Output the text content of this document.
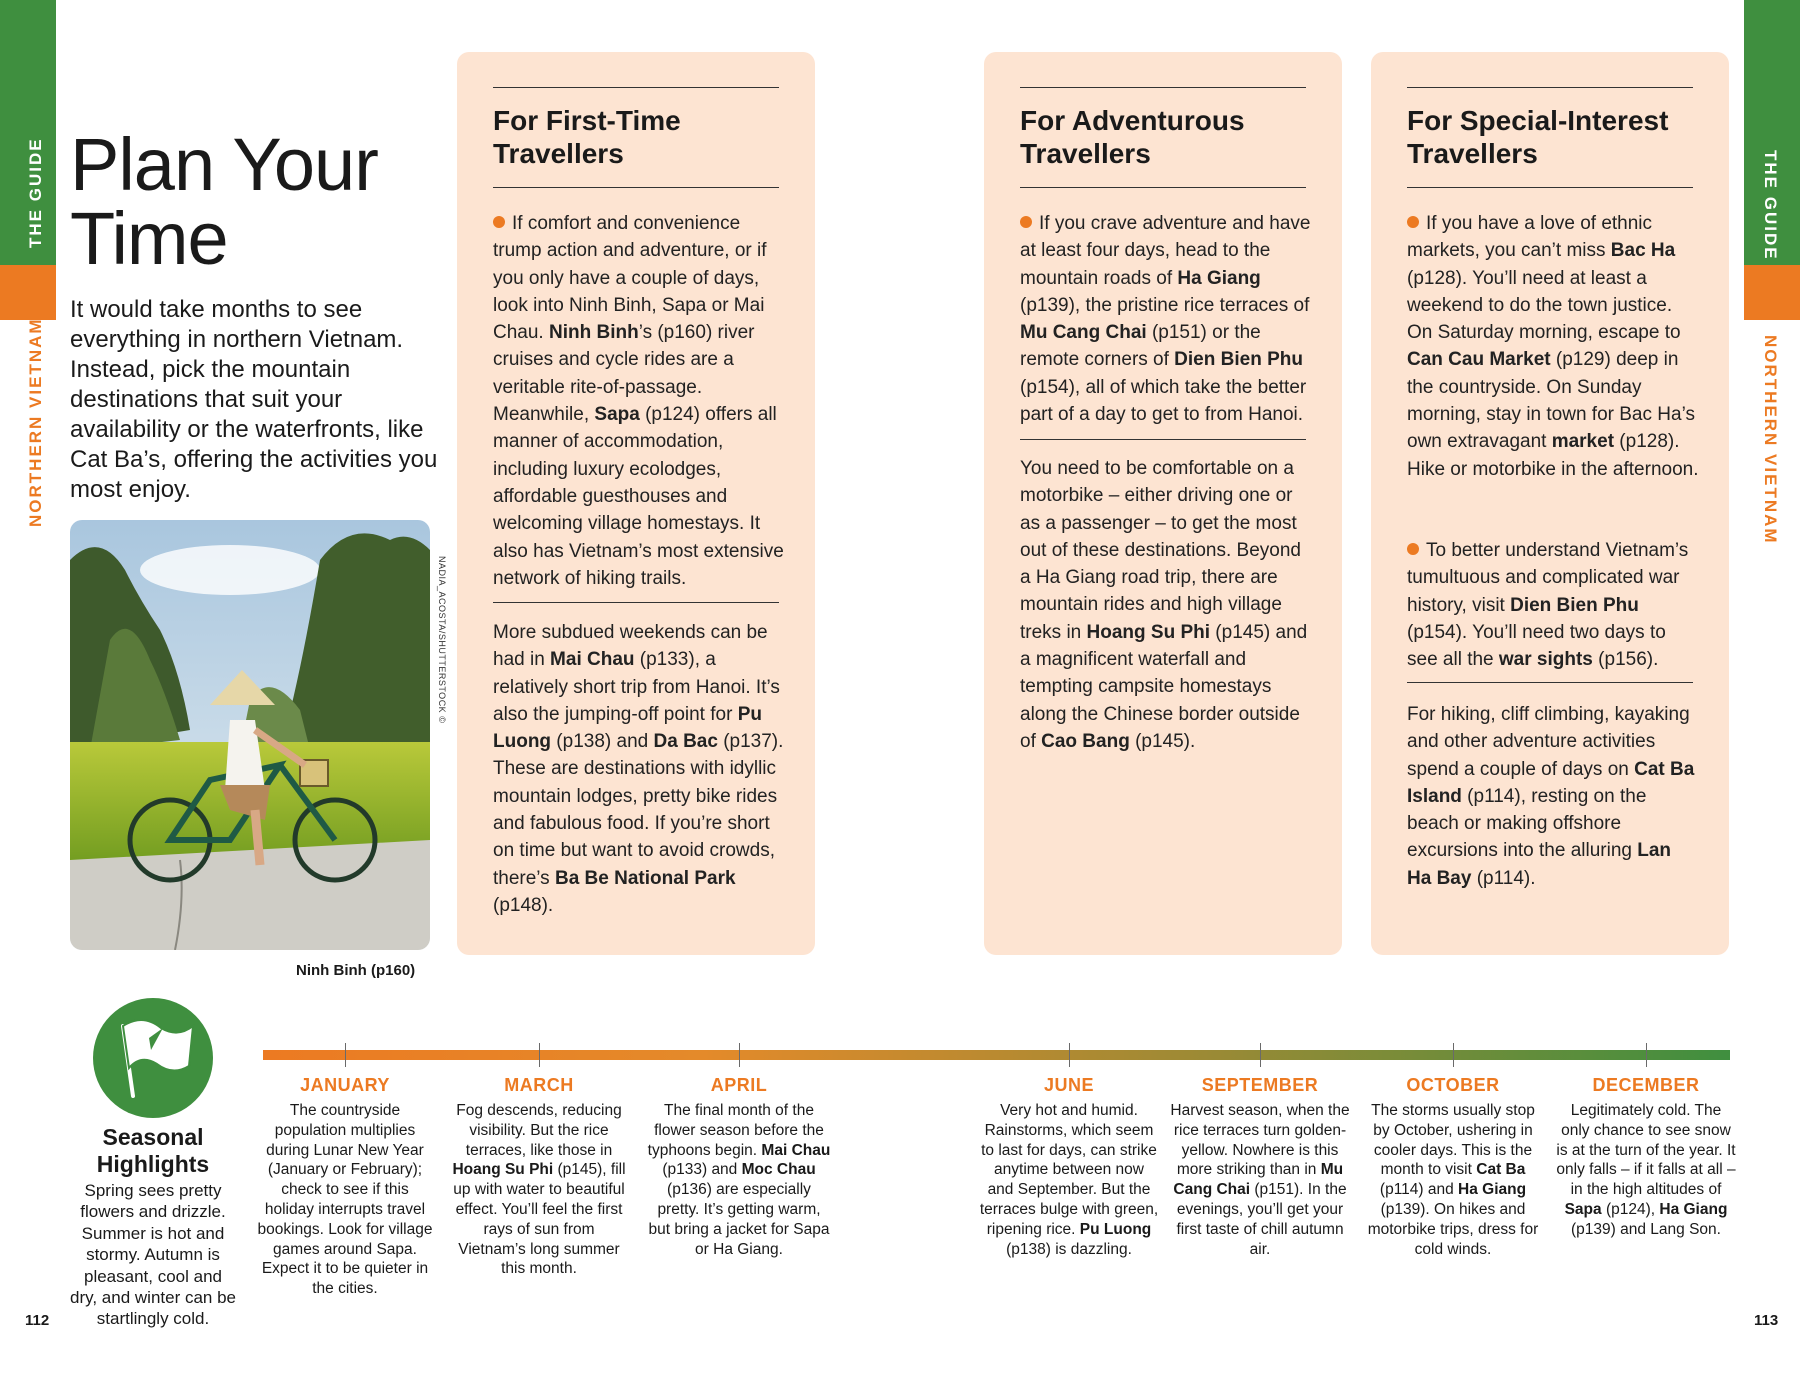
THE GUIDE
NORTHERN VIETNAM
THE GUIDE
NORTHERN VIETNAM
Plan Your Time
It would take months to see everything in northern Vietnam. Instead, pick the mountain destinations that suit your availability or the waterfronts, like Cat Ba’s, offering the activities you most enjoy.
NADIA_ACOSTA/SHUTTERSTOCK ©
Ninh Binh (p160)
For First-Time Travellers

If comfort and convenience trump action and adventure, or if you only have a couple of days, look into Ninh Binh, Sapa or Mai Chau. Ninh Binh’s (p160) river cruises and cycle rides are a veritable rite-of-passage. Meanwhile, Sapa (p124) offers all manner of accommodation, including luxury ecolodges, affordable guesthouses and welcoming village homestays. It also has Vietnam’s most extensive network of hiking trails.

More subdued weekends can be had in Mai Chau (p133), a relatively short trip from Hanoi. It’s also the jumping-off point for Pu Luong (p138) and Da Bac (p137). These are destinations with idyllic mountain lodges, pretty bike rides and fabulous food. If you’re short on time but want to avoid crowds, there’s Ba Be National Park (p148).

For Adventurous Travellers

If you crave adventure and have at least four days, head to the mountain roads of Ha Giang (p139), the pristine rice terraces of Mu Cang Chai (p151) or the remote corners of Dien Bien Phu (p154), all of which take the better part of a day to get to from Hanoi.

You need to be comfortable on a motorbike – either driving one or as a passenger – to get the most out of these destinations. Beyond a Ha Giang road trip, there are mountain rides and high village treks in Hoang Su Phi (p145) and a magnificent waterfall and tempting campsite homestays along the Chinese border outside of Cao Bang (p145).

For Special-Interest Travellers

If you have a love of ethnic markets, you can’t miss Bac Ha (p128). You’ll need at least a weekend to do the town justice. On Saturday morning, escape to Can Cau Market (p129) deep in the countryside. On Sunday morning, stay in town for Bac Ha’s own extravagant market (p128). Hike or motorbike in the afternoon.

To better understand Vietnam’s tumultuous and complicated war history, visit Dien Bien Phu (p154). You’ll need two days to see all the war sights (p156).

For hiking, cliff climbing, kayaking and other adventure activities spend a couple of days on Cat Ba Island (p114), resting on the beach or making offshore excursions into the alluring Lan Ha Bay (p114).

Seasonal Highlights
Spring sees pretty flowers and drizzle. Summer is hot and stormy. Autumn is pleasant, cool and dry, and winter can be startlingly cold.
JANUARY
The countryside population multiplies during Lunar New Year (January or February); check to see if this holiday interrupts travel bookings. Look for village games around Sapa. Expect it to be quieter in the cities.
MARCH
Fog descends, reducing visibility. But the rice terraces, like those in Hoang Su Phi (p145), fill up with water to beautiful effect. You’ll feel the first rays of sun from Vietnam’s long summer this month.
APRIL
The final month of the flower season before the typhoons begin. Mai Chau (p133) and Moc Chau (p136) are especially pretty. It’s getting warm, but bring a jacket for Sapa or Ha Giang.
JUNE
Very hot and humid. Rainstorms, which seem to last for days, can strike anytime between now and September. But the terraces bulge with green, ripening rice. Pu Luong (p138) is dazzling.
SEPTEMBER
Harvest season, when the rice terraces turn golden-yellow. Nowhere is this more striking than in Mu Cang Chai (p151). In the evenings, you’ll get your first taste of chill autumn air.
OCTOBER
The storms usually stop by October, ushering in cooler days. This is the month to visit Cat Ba (p114) and Ha Giang (p139). On hikes and motorbike trips, dress for cold winds.
DECEMBER
Legitimately cold. The only chance to see snow is at the turn of the year. It only falls – if it falls at all – in the high altitudes of Sapa (p124), Ha Giang (p139) and Lang Son.
112	113
